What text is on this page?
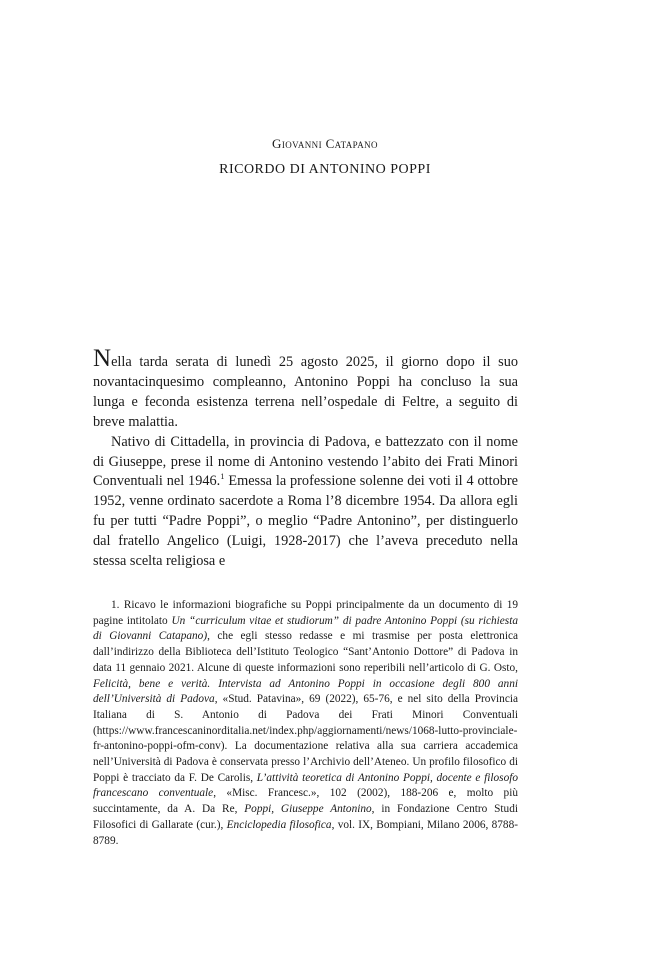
Giovanni Catapano
RICORDO DI ANTONINO POPPI

Nella tarda serata di lunedì 25 agosto 2025, il giorno dopo il suo novantacinquesimo compleanno, Antonino Poppi ha concluso la sua lunga e feconda esistenza terrena nell’ospedale di Feltre, a seguito di breve malattia.

Nativo di Cittadella, in provincia di Padova, e battezzato con il nome di Giuseppe, prese il nome di Antonino vestendo l’abito dei Frati Minori Conventuali nel 1946.$^1$ Emessa la professione solenne dei voti il 4 ottobre 1952, venne ordinato sacerdote a Roma l’8 dicembre 1954. Da allora egli fu per tutti “Padre Poppi”, o meglio “Padre Antonino”, per distinguerlo dal fratello Angelico (Luigi, 1928-2017) che l’aveva preceduto nella stessa scelta religiosa e

1. Ricavo le informazioni biografiche su Poppi principalmente da un documento di 19 pagine intitolato Un “curriculum vitae et studiorum” di padre Antonino Poppi (su richiesta di Giovanni Catapano), che egli stesso redasse e mi trasmise per posta elettronica dall’indirizzo della Biblioteca dell’Istituto Teologico “Sant’Antonio Dottore” di Padova in data 11 gennaio 2021. Alcune di queste informazioni sono reperibili nell’articolo di G. Osto, Felicità, bene e verità. Intervista ad Antonino Poppi in occasione degli 800 anni dell’Università di Padova, «Stud. Patavina», 69 (2022), 65-76, e nel sito della Provincia Italiana di S. Antonio di Padova dei Frati Minori Conventuali (https://www.francescaninorditalia.net/index.php/aggiornamenti/news/1068-lutto-provinciale-fr-antonino-poppi-ofm-conv). La documentazione relativa alla sua carriera accademica nell’Università di Padova è conservata presso l’Archivio dell’Ateneo. Un profilo filosofico di Poppi è tracciato da F. De Carolis, L’attività teoretica di Antonino Poppi, docente e filosofo francescano conventuale, «Misc. Francesc.», 102 (2002), 188-206 e, molto più succintamente, da A. Da Re, Poppi, Giuseppe Antonino, in Fondazione Centro Studi Filosofici di Gallarate (cur.), Enciclopedia filosofica, vol. IX, Bompiani, Milano 2006, 8788-8789.
